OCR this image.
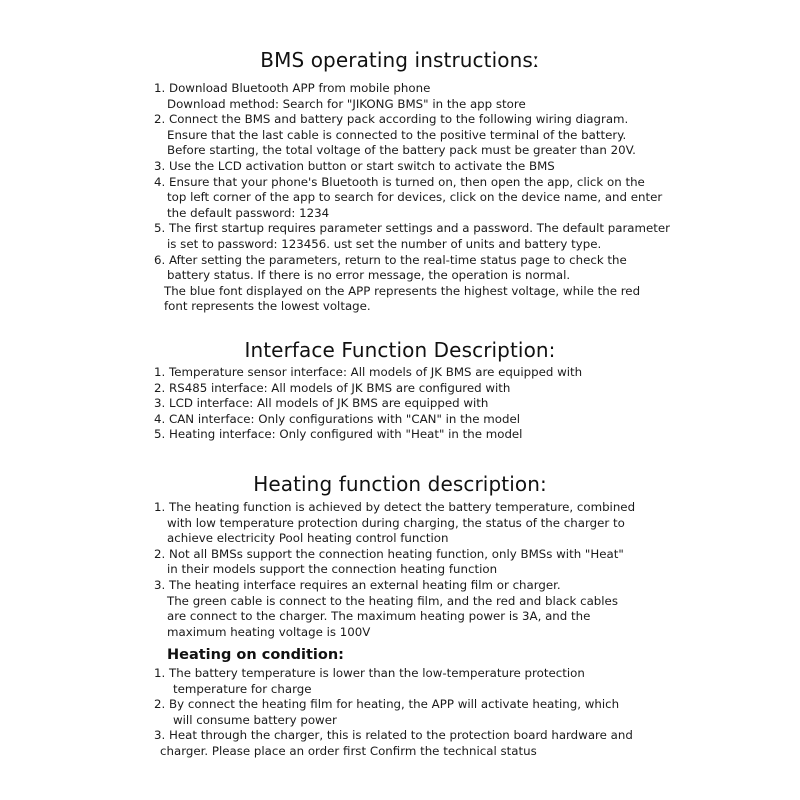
BMS operating instructionsː
1. Download Bluetooth APP from mobile phone
Download method: Search for "JIKONG BMS" in the app store
2. Connect the BMS and battery pack according to the following wiring diagram.
Ensure that the last cable is connected to the positive terminal of the battery.
Before starting, the total voltage of the battery pack must be greater than 20V.
3. Use the LCD activation button or start switch to activate the BMS
4. Ensure that your phone's Bluetooth is turned on, then open the app, click on the
top left corner of the app to search for devices, click on the device name, and enter
the default password: 1234
5. The first startup requires parameter settings and a password. The default parameter
is set to password: 123456. ust set the number of units and battery type.
6. After setting the parameters, return to the real-time status page to check the
battery status. If there is no error message, the operation is normal.
The blue font displayed on the APP represents the highest voltage, while the red
font represents the lowest voltage.
Interface Function Description:
1. Temperature sensor interface: All models of JK BMS are equipped with
2. RS485 interface: All models of JK BMS are configured with
3. LCD interface: All models of JK BMS are equipped with
4. CAN interface: Only configurations with "CAN" in the model
5. Heating interface: Only configured with "Heat" in the model
Heating function description:
1. The heating function is achieved by detect the battery temperature, combined
with low temperature protection during charging, the status of the charger to
achieve electricity Pool heating control function
2. Not all BMSs support the connection heating function, only BMSs with "Heat"
in their models support the connection heating function
3. The heating interface requires an external heating film or charger.
The green cable is connect to the heating film, and the red and black cables
are connect to the charger. The maximum heating power is 3A, and the
maximum heating voltage is 100V
Heating on condition:
1. The battery temperature is lower than the low-temperature protection
temperature for charge
2. By connect the heating film for heating, the APP will activate heating, which
will consume battery power
3. Heat through the charger, this is related to the protection board hardware and
charger. Please place an order first Confirm the technical status
